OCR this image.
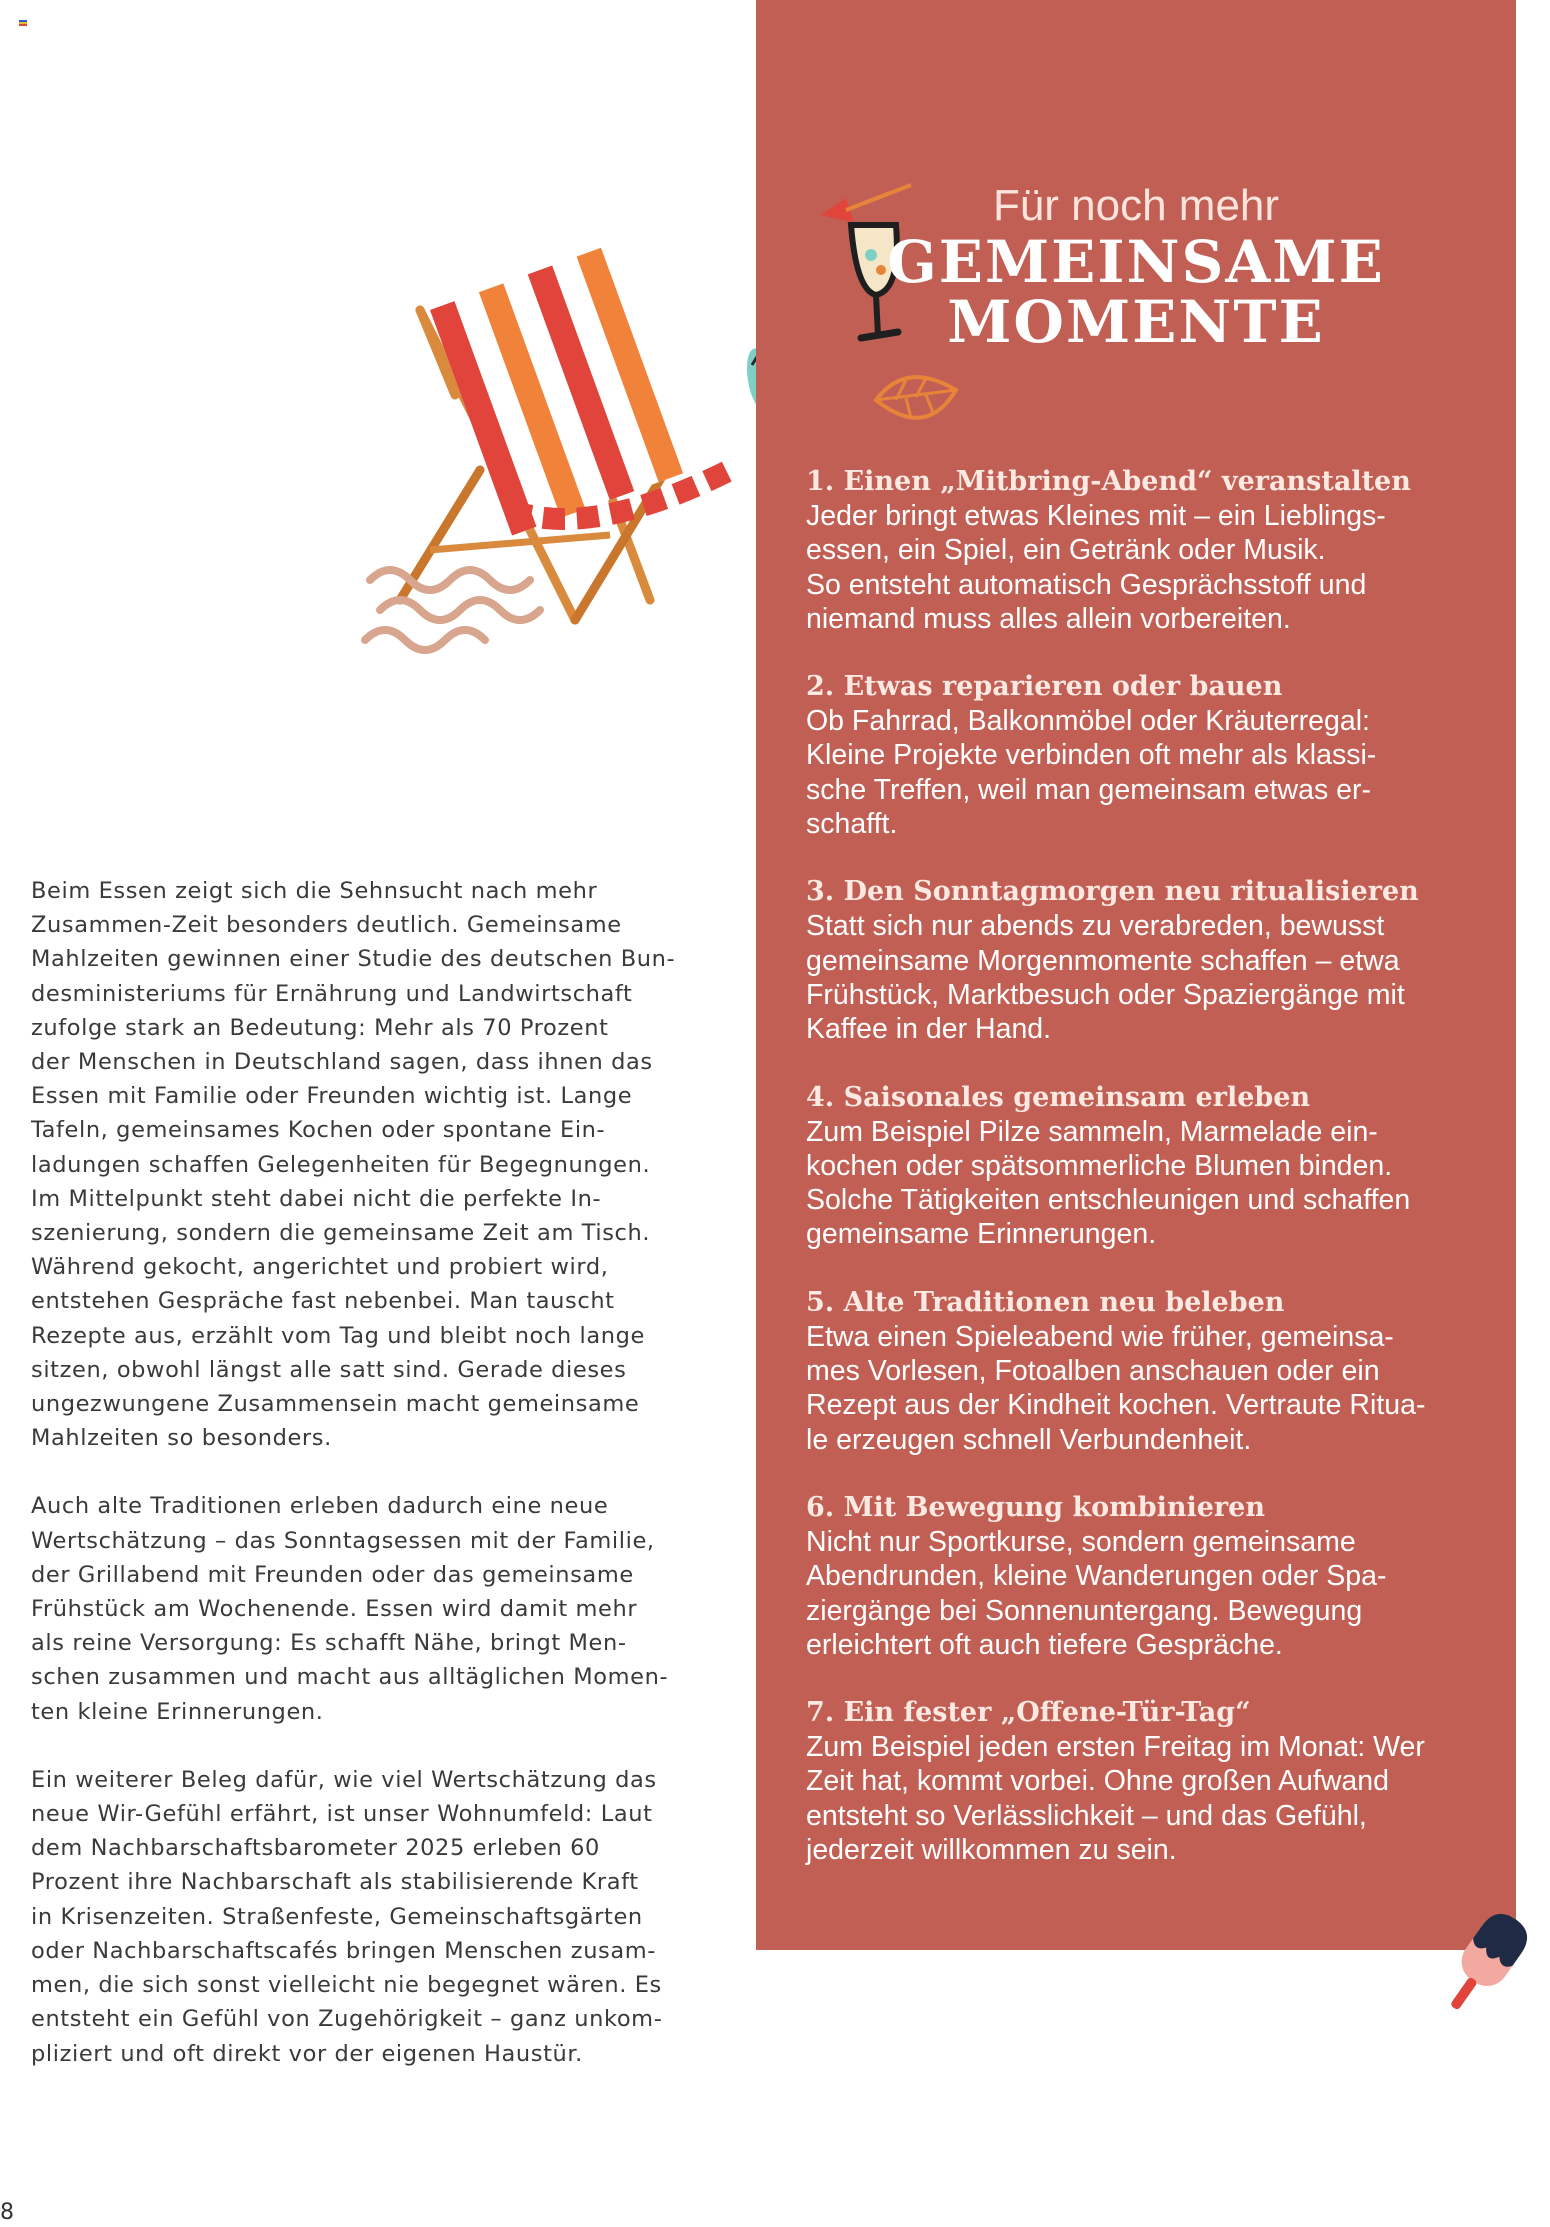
Für noch mehr
GEMEINSAME
MOMENTE
1. Einen „Mitbring-Abend“ veranstalten
Jeder bringt etwas Kleines mit – ein Lieblings-
essen, ein Spiel, ein Getränk oder Musik.
So entsteht automatisch Gesprächsstoff und
niemand muss alles allein vorbereiten.
2. Etwas reparieren oder bauen
Ob Fahrrad, Balkonmöbel oder Kräuterregal:
Kleine Projekte verbinden oft mehr als klassi-
sche Treffen, weil man gemeinsam etwas er-
schafft.
3. Den Sonntagmorgen neu ritualisieren
Statt sich nur abends zu verabreden, bewusst
gemeinsame Morgenmomente schaffen – etwa
Frühstück, Marktbesuch oder Spaziergänge mit
Kaffee in der Hand.
4. Saisonales gemeinsam erleben
Zum Beispiel Pilze sammeln, Marmelade ein-
kochen oder spätsommerliche Blumen binden.
Solche Tätigkeiten entschleunigen und schaffen
gemeinsame Erinnerungen.
5. Alte Traditionen neu beleben
Etwa einen Spieleabend wie früher, gemeinsa-
mes Vorlesen, Fotoalben anschauen oder ein
Rezept aus der Kindheit kochen. Vertraute Ritua-
le erzeugen schnell Verbundenheit.
6. Mit Bewegung kombinieren
Nicht nur Sportkurse, sondern gemeinsame
Abendrunden, kleine Wanderungen oder Spa-
ziergänge bei Sonnenuntergang. Bewegung
erleichtert oft auch tiefere Gespräche.
7. Ein fester „Offene-Tür-Tag“
Zum Beispiel jeden ersten Freitag im Monat: Wer
Zeit hat, kommt vorbei. Ohne großen Aufwand
entsteht so Verlässlichkeit – und das Gefühl,
jederzeit willkommen zu sein.

Beim Essen zeigt sich die Sehnsucht nach mehr
Zusammen-Zeit besonders deutlich. Gemeinsame
Mahlzeiten gewinnen einer Studie des deutschen Bun-
desministeriums für Ernährung und Landwirtschaft
zufolge stark an Bedeutung: Mehr als 70 Prozent
der Menschen in Deutschland sagen, dass ihnen das
Essen mit Familie oder Freunden wichtig ist. Lange
Tafeln, gemeinsames Kochen oder spontane Ein-
ladungen schaffen Gelegenheiten für Begegnungen.
Im Mittelpunkt steht dabei nicht die perfekte In-
szenierung, sondern die gemeinsame Zeit am Tisch.
Während gekocht, angerichtet und probiert wird,
entstehen Gespräche fast nebenbei. Man tauscht
Rezepte aus, erzählt vom Tag und bleibt noch lange
sitzen, obwohl längst alle satt sind. Gerade dieses
ungezwungene Zusammensein macht gemeinsame
Mahlzeiten so besonders.

Auch alte Traditionen erleben dadurch eine neue
Wertschätzung – das Sonntagsessen mit der Familie,
der Grillabend mit Freunden oder das gemeinsame
Frühstück am Wochenende. Essen wird damit mehr
als reine Versorgung: Es schafft Nähe, bringt Men-
schen zusammen und macht aus alltäglichen Momen-
ten kleine Erinnerungen.

Ein weiterer Beleg dafür, wie viel Wertschätzung das
neue Wir-Gefühl erfährt, ist unser Wohnumfeld: Laut
dem Nachbarschaftsbarometer 2025 erleben 60
Prozent ihre Nachbarschaft als stabilisierende Kraft
in Krisenzeiten. Straßenfeste, Gemeinschaftsgärten
oder Nachbarschaftscafés bringen Menschen zusam-
men, die sich sonst vielleicht nie begegnet wären. Es
entsteht ein Gefühl von Zugehörigkeit – ganz unkom-
pliziert und oft direkt vor der eigenen Haustür.

8
